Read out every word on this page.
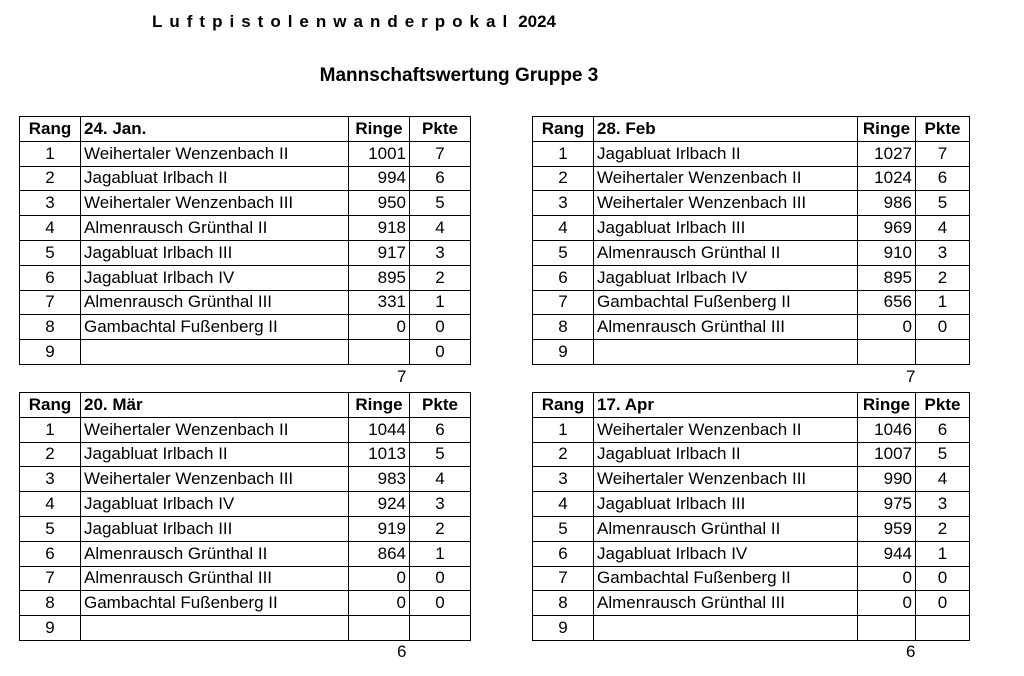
Luftpistolenwanderpokal 2024
Mannschaftswertung Gruppe 3
Rang	24. Jan.	Ringe	Pkte
1	Weihertaler Wenzenbach II	1001	7
2	Jagabluat Irlbach II	994	6
3	Weihertaler Wenzenbach III	950	5
4	Almenrausch Grünthal II	918	4
5	Jagabluat Irlbach III	917	3
6	Jagabluat Irlbach IV	895	2
7	Almenrausch Grünthal III	331	1
8	Gambachtal Fußenberg II	0	0
9			0
Rang	28. Feb	Ringe	Pkte
1	Jagabluat Irlbach II	1027	7
2	Weihertaler Wenzenbach II	1024	6
3	Weihertaler Wenzenbach III	986	5
4	Jagabluat Irlbach III	969	4
5	Almenrausch Grünthal II	910	3
6	Jagabluat Irlbach IV	895	2
7	Gambachtal Fußenberg II	656	1
8	Almenrausch Grünthal III	0	0
9			
Rang	20. Mär	Ringe	Pkte
1	Weihertaler Wenzenbach II	1044	6
2	Jagabluat Irlbach II	1013	5
3	Weihertaler Wenzenbach III	983	4
4	Jagabluat Irlbach IV	924	3
5	Jagabluat Irlbach III	919	2
6	Almenrausch Grünthal II	864	1
7	Almenrausch Grünthal III	0	0
8	Gambachtal Fußenberg II	0	0
9			
Rang	17. Apr	Ringe	Pkte
1	Weihertaler Wenzenbach II	1046	6
2	Jagabluat Irlbach II	1007	5
3	Weihertaler Wenzenbach III	990	4
4	Jagabluat Irlbach III	975	3
5	Almenrausch Grünthal II	959	2
6	Jagabluat Irlbach IV	944	1
7	Gambachtal Fußenberg II	0	0
8	Almenrausch Grünthal III	0	0
9			
7	7
6	6
